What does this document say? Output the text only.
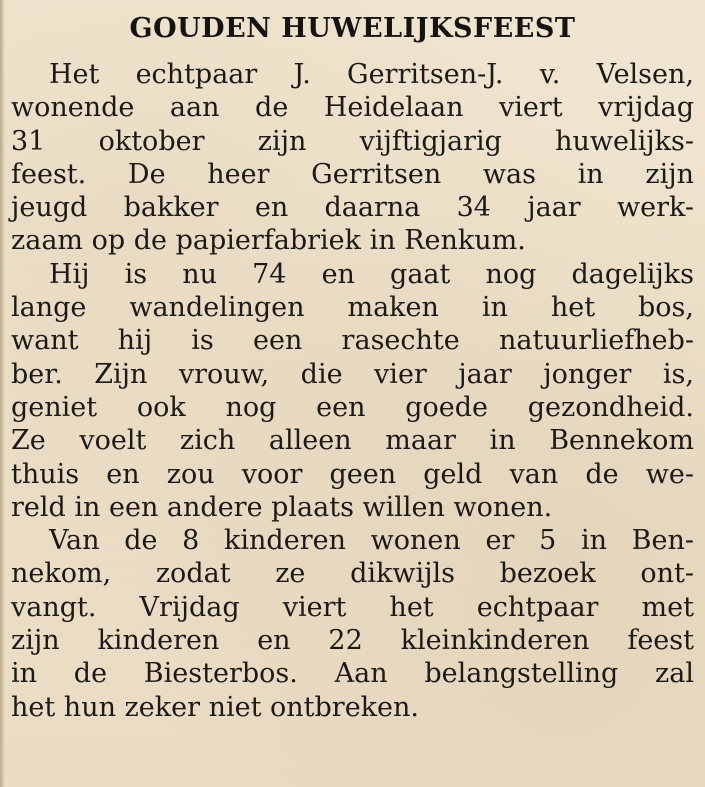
GOUDEN HUWELIJKSFEEST
Het echtpaar J. Gerritsen-J. v. Velsen,
wonende aan de Heidelaan viert vrijdag
31 oktober zijn vijftigjarig huwelijks-
feest. De heer Gerritsen was in zijn
jeugd bakker en daarna 34 jaar werk-
zaam op de papierfabriek in Renkum.
Hij is nu 74 en gaat nog dagelijks
lange wandelingen maken in het bos,
want hij is een rasechte natuurliefheb-
ber. Zijn vrouw, die vier jaar jonger is,
geniet ook nog een goede gezondheid.
Ze voelt zich alleen maar in Bennekom
thuis en zou voor geen geld van de we-
reld in een andere plaats willen wonen.
Van de 8 kinderen wonen er 5 in Ben-
nekom, zodat ze dikwijls bezoek ont-
vangt. Vrijdag viert het echtpaar met
zijn kinderen en 22 kleinkinderen feest
in de Biesterbos. Aan belangstelling zal
het hun zeker niet ontbreken.
